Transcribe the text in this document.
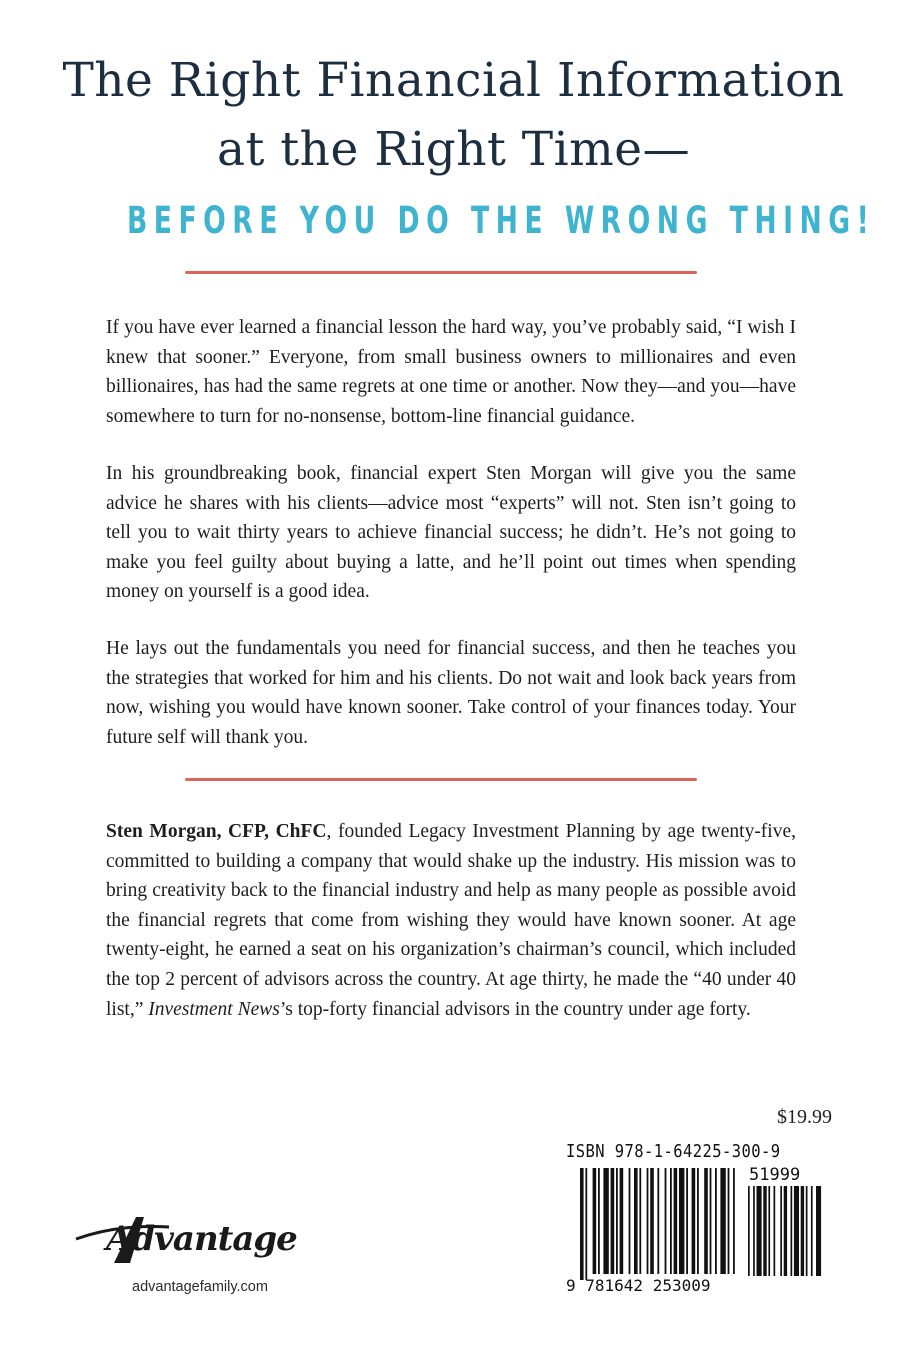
The Right Financial Information
at the Right Time—
BEFORE YOU DO THE WRONG THING!

If you have ever learned a financial lesson the hard way, you’ve probably said, “I wish I knew that sooner.” Everyone, from small business owners to millionaires and even billionaires, has had the same regrets at one time or another. Now they—and you—have somewhere to turn for no-nonsense, bottom-line financial guidance.

In his groundbreaking book, financial expert Sten Morgan will give you the same advice he shares with his clients—advice most “experts” will not. Sten isn’t going to tell you to wait thirty years to achieve financial success; he didn’t. He’s not going to make you feel guilty about buying a latte, and he’ll point out times when spending money on yourself is a good idea.

He lays out the fundamentals you need for financial success, and then he teaches you the strategies that worked for him and his clients. Do not wait and look back years from now, wishing you would have known sooner. Take control of your finances today. Your future self will thank you.

Sten Morgan, CFP, ChFC, founded Legacy Investment Planning by age twenty-five, committed to building a company that would shake up the industry. His mission was to bring creativity back to the financial industry and help as many people as possible avoid the financial regrets that come from wishing they would have known sooner. At age twenty-eight, he earned a seat on his organization’s chairman’s council, which included the top 2 percent of advisors across the country. At age thirty, he made the “40 under 40 list,” Investment News’s top-forty financial advisors in the country under age forty.

$19.99
ISBN 978-1-64225-300-9
51999
9 781642 253009
Advantage
advantagefamily.com
